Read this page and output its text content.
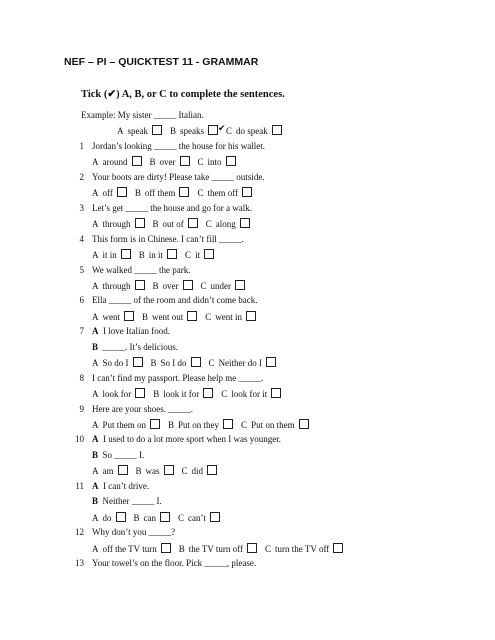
NEF – PI – QUICKTEST 11 - GRAMMAR
Tick (✔) A, B, or C to complete the sentences.
Example: My sister _____ Italian.
A speak B speaks ✔ C do speak
1 Jordan’s looking _____ the house for his wallet.
A around B over C into
2 Your boots are dirty! Please take _____ outside.
A off B off them C them off
3 Let’s get _____ the house and go for a walk.
A through B out of C along
4 This form is in Chinese. I can’t fill _____.
A it in B in it C it
5 We walked _____ the park.
A through B over C under
6 Ella _____ of the room and didn’t come back.
A went B went out C went in
7 A I love Italian food.
B _____. It’s delicious.
A So do I B So I do C Neither do I
8 I can’t find my passport. Please help me _____.
A look for B look it for C look for it
9 Here are your shoes. _____.
A Put them on B Put on they C Put on them
10 A I used to do a lot more sport when I was younger.
B So _____ I.
A am B was C did
11 A I can’t drive.
B Neither _____ I.
A do B can C can’t
12 Why don’t you _____?
A off the TV turn B the TV turn off C turn the TV off
13 Your towel’s on the floor. Pick _____, please.
